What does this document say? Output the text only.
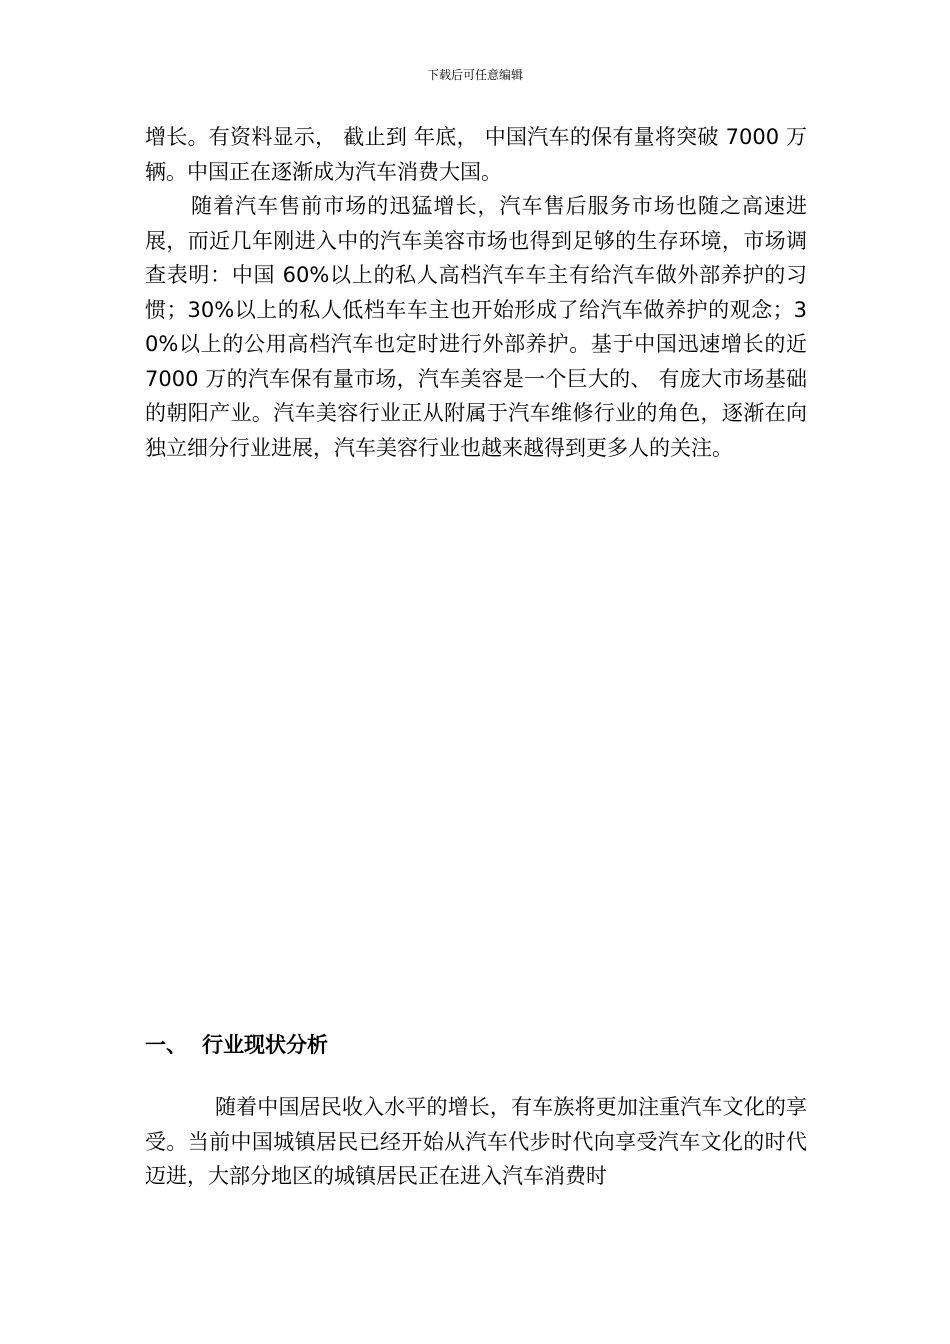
下载后可任意编辑

增长。有资料显示， 截止到 年底， 中国汽车的保有量将突破 7000 万辆。中国正在逐渐成为汽车消费大国。

随着汽车售前市场的迅猛增长，汽车售后服务市场也随之高速进展，而近几年刚进入中的汽车美容市场也得到足够的生存环境，市场调查表明：中国 60%以上的私人高档汽车车主有给汽车做外部养护的习惯；30%以上的私人低档车车主也开始形成了给汽车做养护的观念；30%以上的公用高档汽车也定时进行外部养护。基于中国迅速增长的近 7000 万的汽车保有量市场，汽车美容是一个巨大的、 有庞大市场基础的朝阳产业。汽车美容行业正从附属于汽车维修行业的角色，逐渐在向独立细分行业进展，汽车美容行业也越来越得到更多人的关注。

一、 行业现状分析

随着中国居民收入水平的增长，有车族将更加注重汽车文化的享受。当前中国城镇居民已经开始从汽车代步时代向享受汽车文化的时代迈进，大部分地区的城镇居民正在进入汽车消费时
